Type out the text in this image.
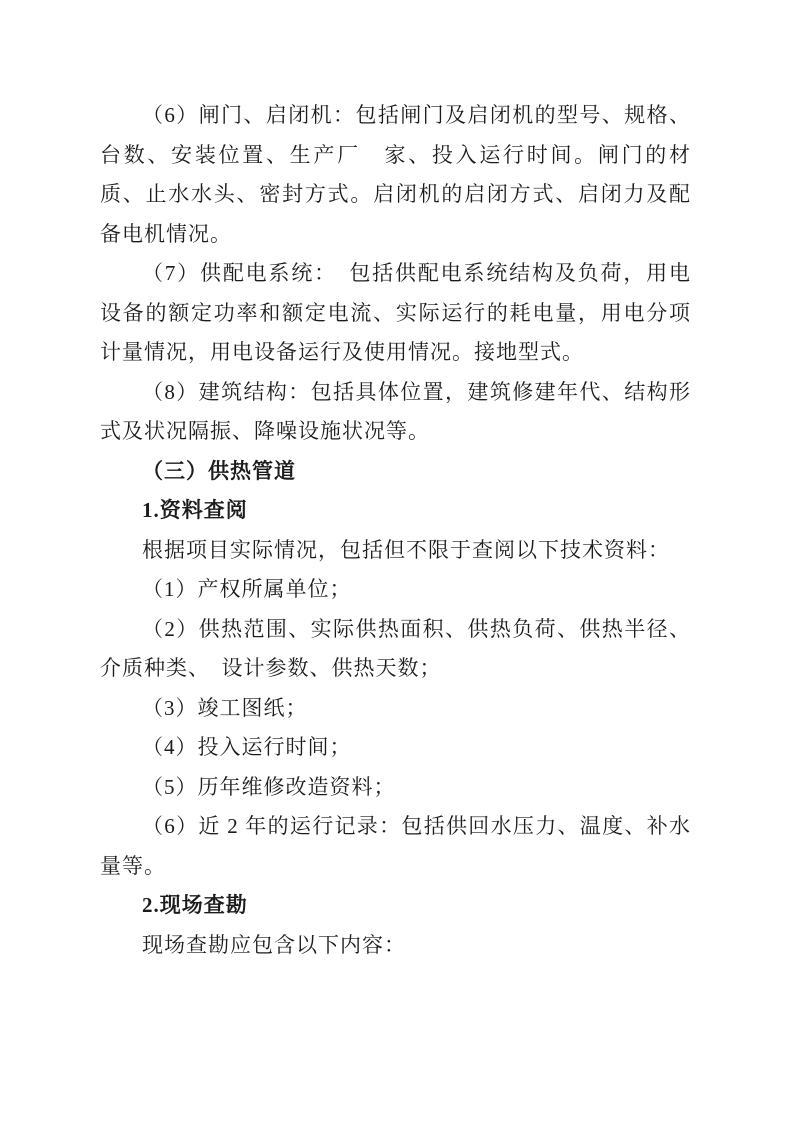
（6）闸门、启闭机：包括闸门及启闭机的型号、规格、台数、安装位置、生产厂　家、投入运行时间。闸门的材质、止水水头、密封方式。启闭机的启闭方式、启闭力及配备电机情况。

（7）供配电系统：　包括供配电系统结构及负荷，用电设备的额定功率和额定电流、实际运行的耗电量，用电分项计量情况，用电设备运行及使用情况。接地型式。

（8）建筑结构：包括具体位置，建筑修建年代、结构形式及状况隔振、降噪设施状况等。

（三）供热管道

1.资料查阅

根据项目实际情况，包括但不限于查阅以下技术资料：

（1）产权所属单位；

（2）供热范围、实际供热面积、供热负荷、供热半径、介质种类、　设计参数、供热天数；

（3）竣工图纸；

（4）投入运行时间；

（5）历年维修改造资料；

（6）近 2 年的运行记录：包括供回水压力、温度、补水量等。

2.现场查勘

现场查勘应包含以下内容：
